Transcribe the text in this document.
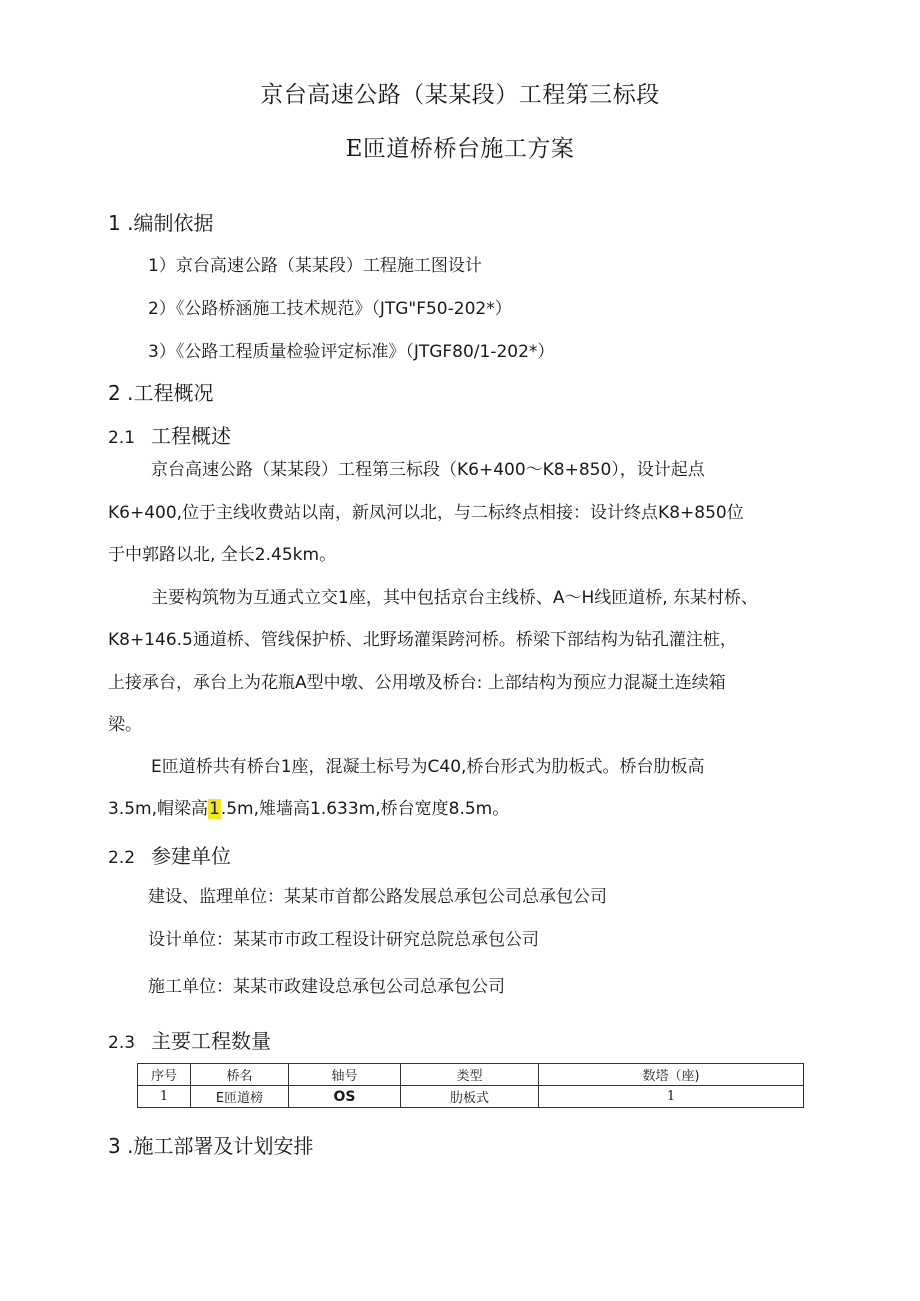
京台高速公路（某某段）工程第三标段
E匝道桥桥台施工方案
1 .编制依据
1）京台高速公路（某某段）工程施工图设计
2）《公路桥涵施工技术规范》（JTG"F50-202*）
3）《公路工程质量检验评定标准》（JTGF80/1-202*）
2 .工程概况
2.1 工程概述
京台高速公路（某某段）工程第三标段（K6+400〜K8+850），设计起点
K6+400,位于主线收费站以南，新凤河以北，与二标终点相接：设计终点K8+850位
于中郭路以北, 全长2.45km。
主要构筑物为互通式立交1座，其中包括京台主线桥、A〜H线匝道桥, 东某村桥、
K8+146.5通道桥、管线保护桥、北野场灌渠跨河桥。桥梁下部结构为钻孔灌注桩，
上接承台，承台上为花瓶A型中墩、公用墩及桥台: 上部结构为预应力混凝土连续箱
梁。
E匝道桥共有桥台1座，混凝土标号为C40,桥台形式为肋板式。桥台肋板高
3.5m,帽梁高1.5m,雉墙高1.633m,桥台宽度8.5m。
2.2 参建单位
建设、监理单位：某某市首都公路发展总承包公司总承包公司
设计单位：某某市市政工程设计研究总院总承包公司
施工单位：某某市政建设总承包公司总承包公司
2.3 主要工程数量
序号	桥名	轴号	类型	数塔（座)
1	E匝道榜	OS	肋板式	1
3 .施工部署及计划安排
